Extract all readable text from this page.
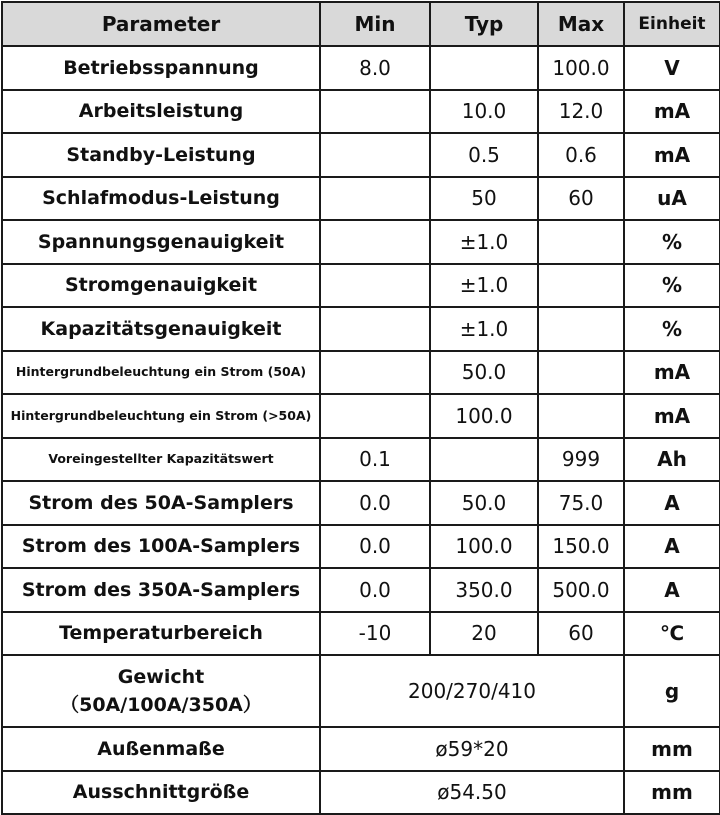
Parameter	Min	Typ	Max	Einheit
Betriebsspannung	8.0		100.0	V
Arbeitsleistung		10.0	12.0	mA
Standby-Leistung		0.5	0.6	mA
Schlafmodus-Leistung		50	60	uA
Spannungsgenauigkeit		±1.0		%
Stromgenauigkeit		±1.0		%
Kapazitätsgenauigkeit		±1.0		%
Hintergrundbeleuchtung ein Strom (50A)		50.0		mA
Hintergrundbeleuchtung ein Strom (>50A)		100.0		mA
Voreingestellter Kapazitätswert	0.1		999	Ah
Strom des 50A-Samplers	0.0	50.0	75.0	A
Strom des 100A-Samplers	0.0	100.0	150.0	A
Strom des 350A-Samplers	0.0	350.0	500.0	A
Temperaturbereich	-10	20	60	℃

Gewicht
（50A/100A/350A）	200/270/410			g
Außenmaße	ø59*20			mm
Ausschnittgröße	ø54.50			mm
